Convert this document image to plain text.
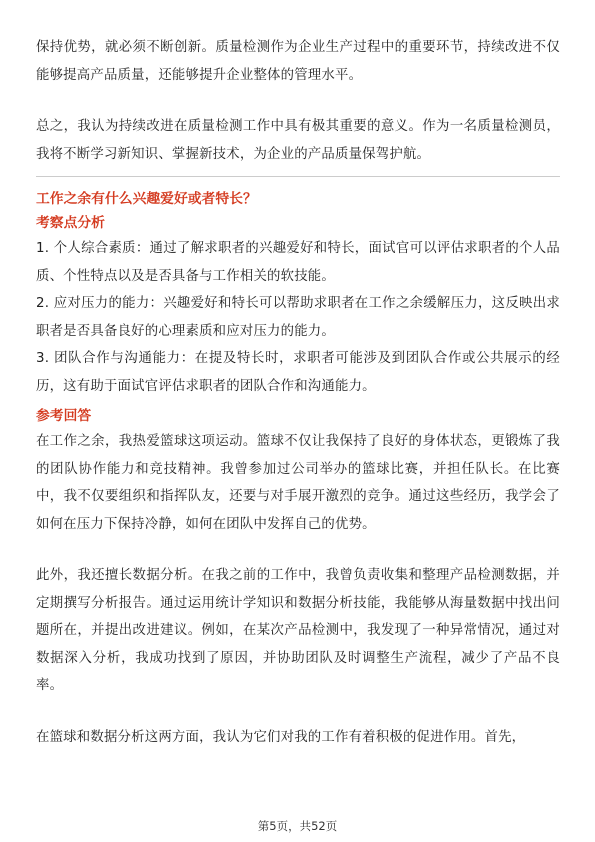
保持优势，就必须不断创新。质量检测作为企业生产过程中的重要环节，持续改进不仅能够提高产品质量，还能够提升企业整体的管理水平。

总之，我认为持续改进在质量检测工作中具有极其重要的意义。作为一名质量检测员，我将不断学习新知识、掌握新技术，为企业的产品质量保驾护航。

工作之余有什么兴趣爱好或者特长？

考察点分析

1. 个人综合素质：通过了解求职者的兴趣爱好和特长，面试官可以评估求职者的个人品质、个性特点以及是否具备与工作相关的软技能。

2. 应对压力的能力：兴趣爱好和特长可以帮助求职者在工作之余缓解压力，这反映出求职者是否具备良好的心理素质和应对压力的能力。

3. 团队合作与沟通能力：在提及特长时，求职者可能涉及到团队合作或公共展示的经历，这有助于面试官评估求职者的团队合作和沟通能力。

参考回答

在工作之余，我热爱篮球这项运动。篮球不仅让我保持了良好的身体状态，更锻炼了我的团队协作能力和竞技精神。我曾参加过公司举办的篮球比赛，并担任队长。在比赛中，我不仅要组织和指挥队友，还要与对手展开激烈的竞争。通过这些经历，我学会了如何在压力下保持冷静，如何在团队中发挥自己的优势。

此外，我还擅长数据分析。在我之前的工作中，我曾负责收集和整理产品检测数据，并定期撰写分析报告。通过运用统计学知识和数据分析技能，我能够从海量数据中找出问题所在，并提出改进建议。例如，在某次产品检测中，我发现了一种异常情况，通过对数据深入分析，我成功找到了原因，并协助团队及时调整生产流程，减少了产品不良率。

在篮球和数据分析这两方面，我认为它们对我的工作有着积极的促进作用。首先，

第5页，共52页
